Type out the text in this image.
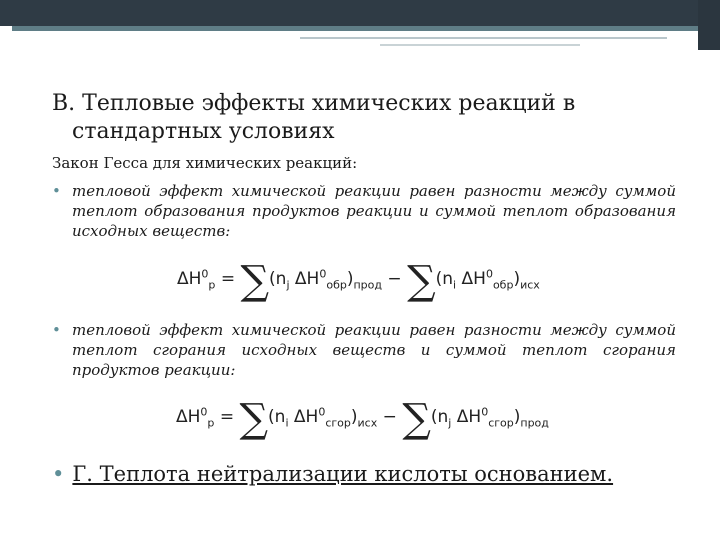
В. Тепловые эффекты химических реакций в
стандартных условиях
Закон Гесса для химических реакций:
• тепловой эффект химической реакции равен разности между суммой теплот образования продуктов реакции и суммой теплот образования исходных веществ:
$\Delta H^0_р = \sum(n_j$ $\Delta H^0_{обр})_{прод} - \sum(n_i$ $\Delta H^0_{обр})_{исх}$
• тепловой эффект химической реакции равен разности между суммой теплот сгорания исходных веществ и суммой теплот сгорания продуктов реакции:
$\Delta H^0_р = \sum(n_i$ $\Delta H^0_{сгор})_{исх} - \sum(n_j$ $\Delta H^0_{сгор})_{прод}$
• Г. Теплота нейтрализации кислоты основанием.
